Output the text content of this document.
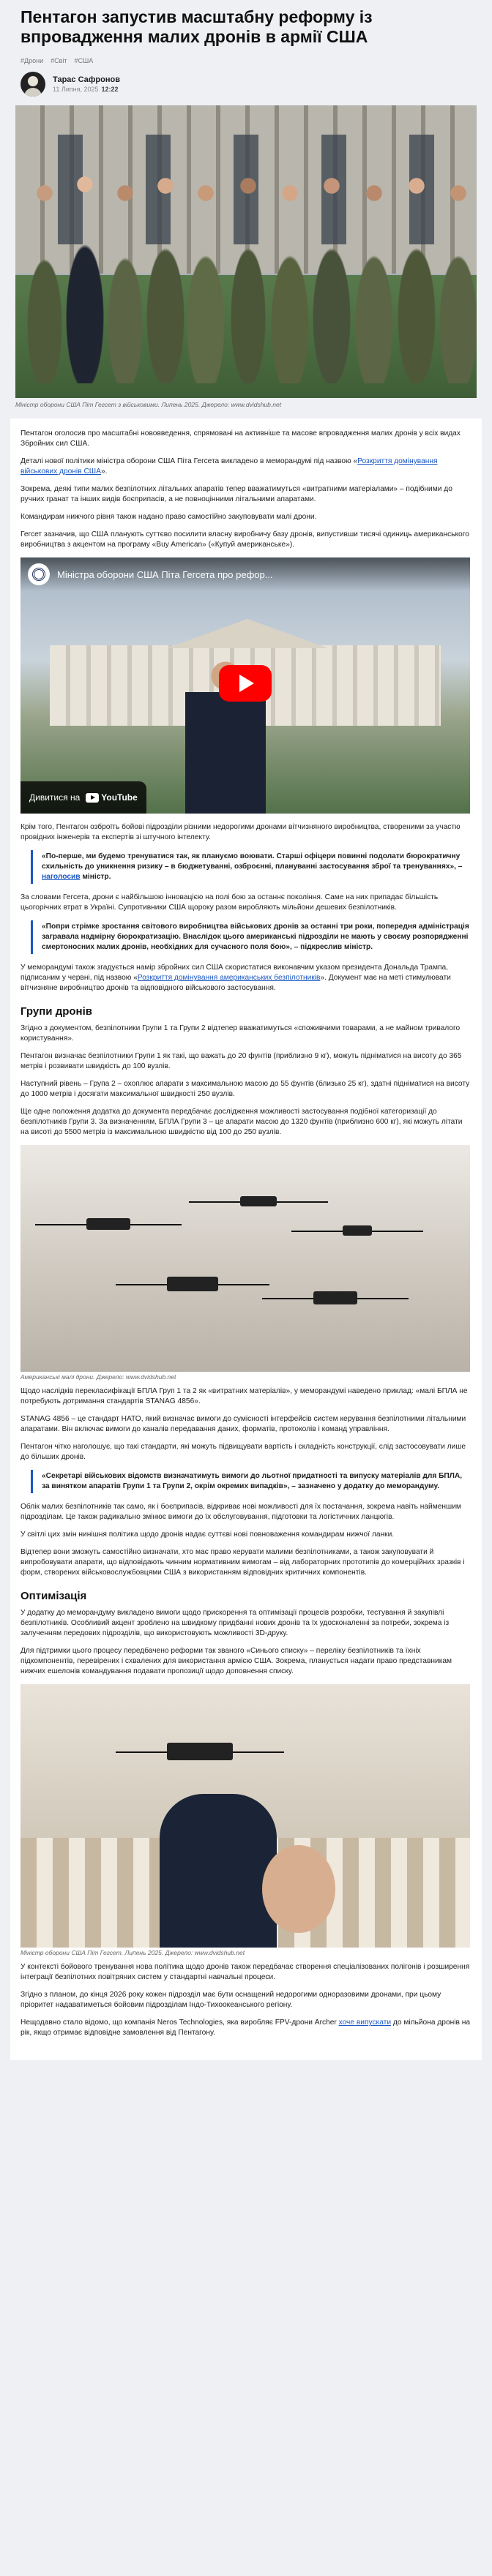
Пентагон запустив масштабну реформу із впровадження малих дронів в армії США
# Дрони	# Світ	# США
Тарас Сафронов
11 Липня, 2025 12:22
Міністр оборони США Піт Гегсет з військовими. Липень 2025. Джерело: www.dvidshub.net

Пентагон оголосив про масштабні нововведення, спрямовані на активніше та масове впровадження малих дронів у всіх видах Збройних сил США.

Деталі нової політики міністра оборони США Піта Гегсета викладено в меморандумі під назвою «Розкриття домінування військових дронів США».

Зокрема, деякі типи малих безпілотних літальних апаратів тепер вважатимуться «витратними матеріалами» – подібними до ручних гранат та інших видів боєприпасів, а не повноцінними літальними апаратами.

Командирам нижчого рівня також надано право самостійно закуповувати малі дрони.

Гегсет зазначив, що США планують суттєво посилити власну виробничу базу дронів, випустивши тисячі одиниць американського виробництва з акцентом на програму «Buy American» («Купуй американське»).

Міністра оборони США Піта Гегсета про рефор...
Дивитися на YouTube

Крім того, Пентагон озброїть бойові підрозділи різними недорогими дронами вітчизняного виробництва, створеними за участю провідних інженерів та експертів зі штучного інтелекту.

«По-перше, ми будемо тренуватися так, як плануємо воювати. Старші офіцери повинні подолати бюрократичну схильність до уникнення ризику – в бюджетуванні, озброєнні, плануванні застосування зброї та тренуваннях», – наголосив міністр.

За словами Гегсета, дрони є найбільшою інновацією на полі бою за останнє покоління. Саме на них припадає більшість цьогорічних втрат в Україні. Супротивники США щороку разом виробляють мільйони дешевих безпілотників.

«Попри стрімке зростання світового виробництва військових дронів за останні три роки, попередня адміністрація загравала надмірну бюрократизацію. Внаслідок цього американські підрозділи не мають у своєму розпорядженні смертоносних малих дронів, необхідних для сучасного поля бою», – підкреслив міністр.

У меморандумі також згадується намір збройних сил США скористатися виконавчим указом президента Дональда Трампа, підписаним у червні, під назвою «Розкриття домінування американських безпілотників». Документ має на меті стимулювати вітчизняне виробництво дронів та відповідного військового застосування.

Групи дронів

Згідно з документом, безпілотники Групи 1 та Групи 2 відтепер вважатимуться «споживчими товарами, а не майном тривалого користування».

Пентагон визначає безпілотники Групи 1 як такі, що важать до 20 фунтів (приблизно 9 кг), можуть підніматися на висоту до 365 метрів і розвивати швидкість до 100 вузлів.

Наступний рівень – Група 2 – охоплює апарати з максимальною масою до 55 фунтів (близько 25 кг), здатні підніматися на висоту до 1000 метрів і досягати максимальної швидкості 250 вузлів.

Ще одне положення додатка до документа передбачає дослідження можливості застосування подібної категоризації до безпілотників Групи 3. За визначенням, БПЛА Групи 3 – це апарати масою до 1320 фунтів (приблизно 600 кг), які можуть літати на висоті до 5500 метрів із максимальною швидкістю від 100 до 250 вузлів.

Американські малі дрони. Джерело: www.dvidshub.net

Щодо наслідків перекласифікації БПЛА Груп 1 та 2 як «витратних матеріалів», у меморандумі наведено приклад: «малі БПЛА не потребують дотримання стандартів STANAG 4856».

STANAG 4856 – це стандарт НАТО, який визначає вимоги до сумісності інтерфейсів систем керування безпілотними літальними апаратами. Він включає вимоги до каналів передавання даних, форматів, протоколів і команд управління.

Пентагон чітко наголошує, що такі стандарти, які можуть підвищувати вартість і складність конструкції, слід застосовувати лише до більших дронів.

«Секретарі військових відомств визначатимуть вимоги до льотної придатності та випуску матеріалів для БПЛА, за винятком апаратів Групи 1 та Групи 2, окрім окремих випадків», – зазначено у додатку до меморандуму.

Облік малих безпілотників так само, як і боєприпасів, відкриває нові можливості для їх постачання, зокрема навіть найменшим підрозділам. Це також радикально змінює вимоги до їх обслуговування, підготовки та логістичних ланцюгів.

У світлі цих змін нинішня політика щодо дронів надає суттєві нові повноваження командирам нижчої ланки.

Відтепер вони зможуть самостійно визначати, хто має право керувати малими безпілотниками, а також закуповувати й випробовувати апарати, що відповідають чинним нормативним вимогам – від лабораторних прототипів до комерційних зразків і форм, створених військовослужбовцями США з використанням відповідних критичних компонентів.

Оптимізація

У додатку до меморандуму викладено вимоги щодо прискорення та оптимізації процесів розробки, тестування й закупівлі безпілотників. Особливий акцент зроблено на швидкому придбанні нових дронів та їх удосконаленні за потреби, зокрема із залученням передових підрозділів, що використовують можливості 3D-друку.

Для підтримки цього процесу передбачено реформи так званого «Синього списку» – переліку безпілотників та їхніх підкомпонентів, перевірених і схвалених для використання армією США. Зокрема, планується надати право представникам нижчих ешелонів командування подавати пропозиції щодо доповнення списку.

Міністр оборони США Піт Гегсет. Липень 2025. Джерело: www.dvidshub.net

У контексті бойового тренування нова політика щодо дронів також передбачає створення спеціалізованих полігонів і розширення інтеграції безпілотних повітряних систем у стандартні навчальні процеси.

Згідно з планом, до кінця 2026 року кожен підрозділ має бути оснащений недорогими одноразовими дронами, при цьому пріоритет надаватиметься бойовим підрозділам Індо-Тихоокеанського регіону.

Нещодавно стало відомо, що компанія Neros Technologies, яка виробляє FPV-дрони Archer хоче випускати до мільйона дронів на рік, якщо отримає відповідне замовлення від Пентагону.
